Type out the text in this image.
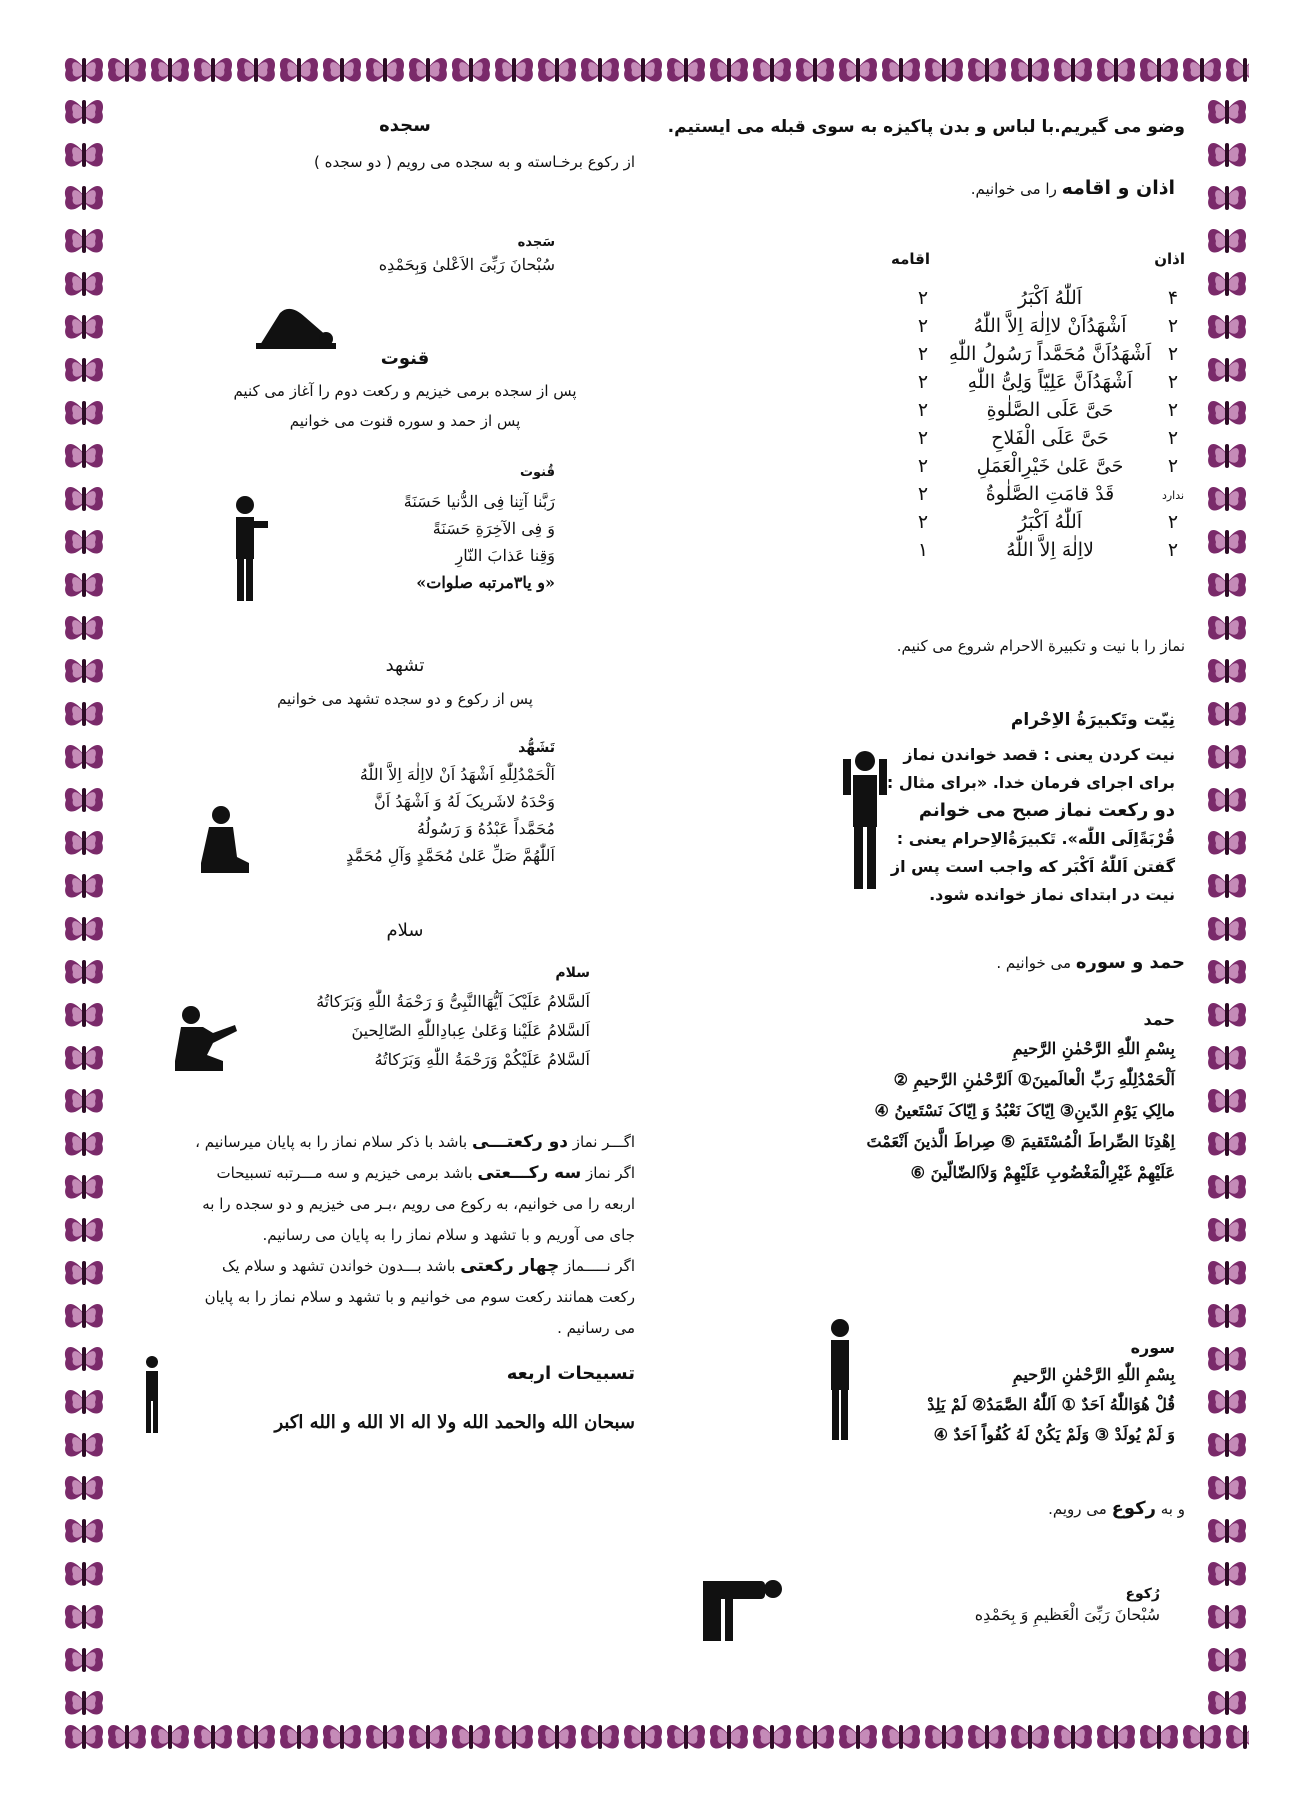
وضو می گیریم.با لباس و بدن پاکیزه به سوی قبله می ایستیم.
اذان و اقامه را می خوانیم.
اذان
اقامه
۴
اَللّٰهُ اَکْبَرُ
۲
۲
اَشْهَدُاَنْ لااِلٰهَ اِلاَّ اللّٰهُ
۲
۲
اَشْهَدُاَنَّ مُحَمَّداً رَسُولُ اللّٰهِ
۲
۲
اَشْهَدُاَنَّ عَلِیّاً وَلِیُّ اللّٰهِ
۲
۲
حَیَّ عَلَی الصَّلٰوةِ
۲
۲
حَیَّ عَلَی الْفَلاحِ
۲
۲
حَیَّ عَلیٰ خَیْرِالْعَمَلِ
۲
ندارد
قَدْ قامَتِ الصَّلٰوةُ
۲
۲
اَللّٰهُ اَکْبَرُ
۲
۲
لااِلٰهَ اِلاَّ اللّٰهُ
۱
نماز را با نیت و تکبیرة الاحرام شروع می کنیم.
نِیّت وتَکبیرَةُ الاِحْرام
نیت کردن یعنی : قصد خواندن نماز
برای اجرای فرمان خدا. «برای مثال :
دو رکعت نماز صبح می خوانم
قُرْبَةًاِلَی اللّٰه». تَکبیرَةُالاِحرام یعنی :
گفتن اَللّٰهُ اَکْبَر که واجب است پس از
نیت در ابتدای نماز خوانده شود.
حمد و سوره می خوانیم .
حمد
بِسْمِ اللّٰهِ الرَّحْمٰنِ الرَّحیمِ
اَلْحَمْدُلِلّٰهِ رَبِّ الْعالَمینَ① اَلرَّحْمٰنِ الرَّحیمِ ②
مالِکِ یَوْمِ الدّینِ③ اِیّاکَ نَعْبُدُ وَ اِیّاکَ نَسْتَعینُ ④
اِهْدِنَا الصِّراطَ الْمُسْتَقیمَ ⑤ صِراطَ الَّذینَ اَنْعَمْتَ
عَلَیْهِمْ غَیْرِالْمَغْضُوبِ عَلَیْهِمْ وَلاَالضّالّینَ ⑥
سوره
بِسْمِ اللّٰهِ الرَّحْمٰنِ الرَّحیمِ
قُلْ هُوَاللّٰهُ اَحَدٌ ① اَللّٰهُ الصَّمَدُ② لَمْ یَلِدْ
وَ لَمْ یُولَدْ ③ وَلَمْ یَکُنْ لَهُ کُفُواً اَحَدٌ ④
و به رکوع می رویم.
رُکوع
سُبْحانَ رَبِّیَ الْعَظیمِ وَ بِحَمْدِه
سجده
از رکوع برخـاسته و به سجده می رویم ( دو سجده )
سَجده
سُبْحانَ رَبِّیَ الاَعْلیٰ وَبِحَمْدِه
قنوت
پس از سجده برمی خیزیم و رکعت دوم را آغاز می کنیم
پس از حمد و سوره قنوت می خوانیم
قُنوت
رَبَّنا آتِنا فِی الدُّنیا حَسَنَةً
وَ فِی الآخِرَةِ حَسَنَةً
وَقِنا عَذابَ النّارِ
«و یا۳مرتبه صلوات»
تشهد
پس از رکوع و دو سجده تشهد می خوانیم
تَشَهُّد
اَلْحَمْدُلِلّٰهِ اَشْهَدُ اَنْ لااِلٰهَ اِلاَّ اللّٰهُ
وَحْدَهُ لاشَریکَ لَهُ وَ اَشْهَدُ اَنَّ
مُحَمَّداً عَبْدُهُ وَ رَسُولُهُ
اَللّٰهُمَّ صَلِّ عَلیٰ مُحَمَّدٍ وَآلِ مُحَمَّدٍ
سلام
سلام
اَلسَّلامُ عَلَیْکَ اَیُّهَاالنَّبِیُّ وَ رَحْمَةُ اللّٰهِ وَبَرَکاتُهُ
اَلسَّلامُ عَلَیْنا وَعَلیٰ عِبادِاللّٰهِ الصّالِحینَ
اَلسَّلامُ عَلَیْکُمْ وَرَحْمَةُ اللّٰهِ وَبَرَکاتُهُ
اگـــر نماز دو رکعتـــی باشد با ذکر سلام نماز را به پایان میرسانیم ،
اگر نماز سه رکـــعتی باشد برمی خیزیم و سه مـــرتبه تسبیحات
اربعه را می خوانیم، به رکوع می رویم ،بـر می خیزیم و دو سجده را به
جای می آوریم و با تشهد و سلام نماز را به پایان می رسانیم.
اگر نـــــماز چهار رکعتی باشد بـــدون خواندن تشهد و سلام یک
رکعت همانند رکعت سوم می خوانیم و با تشهد و سلام نماز را به پایان
می رسانیم .
تسبیحات اربعه
سبحان الله والحمد الله ولا اله الا الله و الله اکبر
